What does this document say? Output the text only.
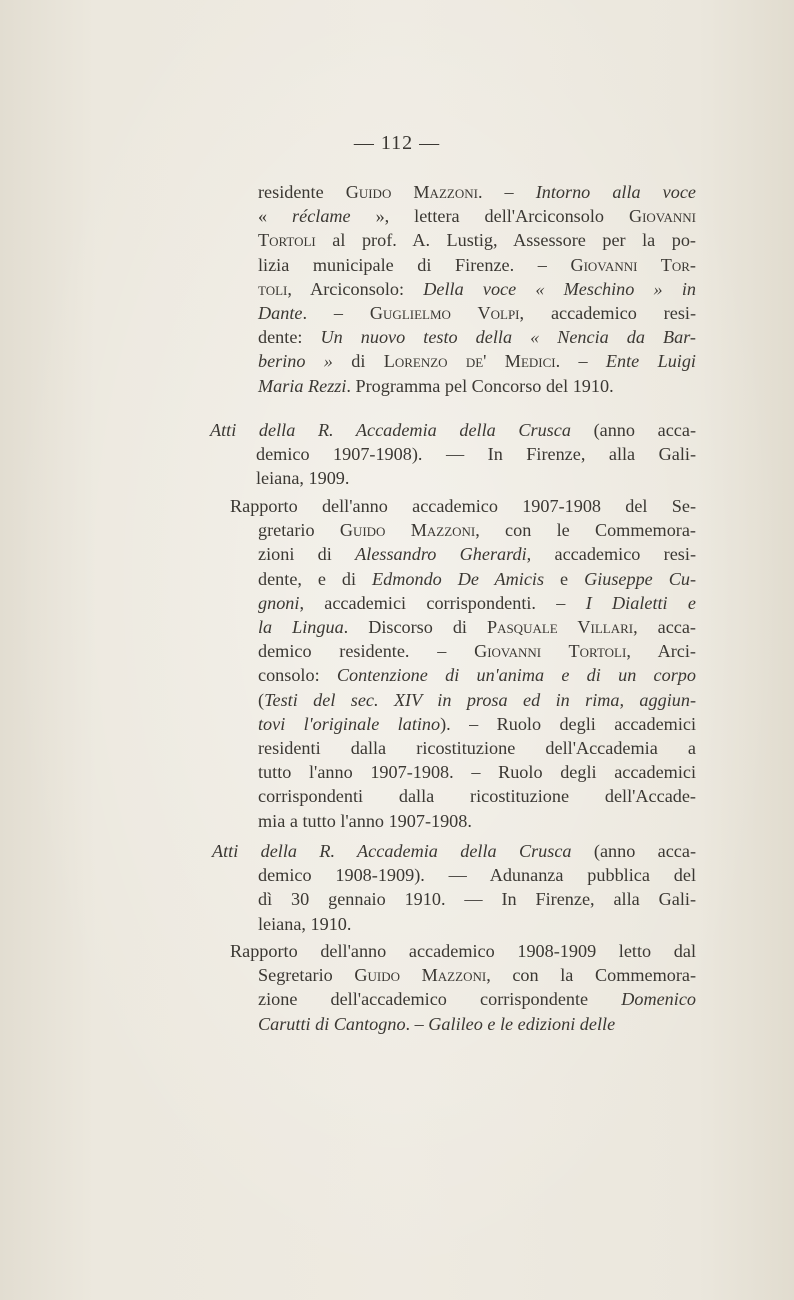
— 112 —
residente Guido Mazzoni. – Intorno alla voce
« réclame », lettera dell'Arciconsolo Giovanni
Tortoli al prof. A. Lustig, Assessore per la po-
lizia municipale di Firenze. – Giovanni Tor-
toli, Arciconsolo: Della voce « Meschino » in
Dante. – Guglielmo Volpi, accademico resi-
dente: Un nuovo testo della « Nencia da Bar-
berino » di Lorenzo de' Medici. – Ente Luigi
Maria Rezzi. Programma pel Concorso del 1910.
Atti della R. Accademia della Crusca (anno acca-
demico 1907-1908). — In Firenze, alla Gali-
leiana, 1909.
Rapporto dell'anno accademico 1907-1908 del Se-
gretario Guido Mazzoni, con le Commemora-
zioni di Alessandro Gherardi, accademico resi-
dente, e di Edmondo De Amicis e Giuseppe Cu-
gnoni, accademici corrispondenti. – I Dialetti e
la Lingua. Discorso di Pasquale Villari, acca-
demico residente. – Giovanni Tortoli, Arci-
consolo: Contenzione di un'anima e di un corpo
(Testi del sec. XIV in prosa ed in rima, aggiun-
tovi l'originale latino). – Ruolo degli accademici
residenti dalla ricostituzione dell'Accademia a
tutto l'anno 1907-1908. – Ruolo degli accademici
corrispondenti dalla ricostituzione dell'Accade-
mia a tutto l'anno 1907-1908.
Atti della R. Accademia della Crusca (anno acca-
demico 1908-1909). — Adunanza pubblica del
dì 30 gennaio 1910. — In Firenze, alla Gali-
leiana, 1910.
Rapporto dell'anno accademico 1908-1909 letto dal
Segretario Guido Mazzoni, con la Commemora-
zione dell'accademico corrispondente Domenico
Carutti di Cantogno. – Galileo e le edizioni delle
